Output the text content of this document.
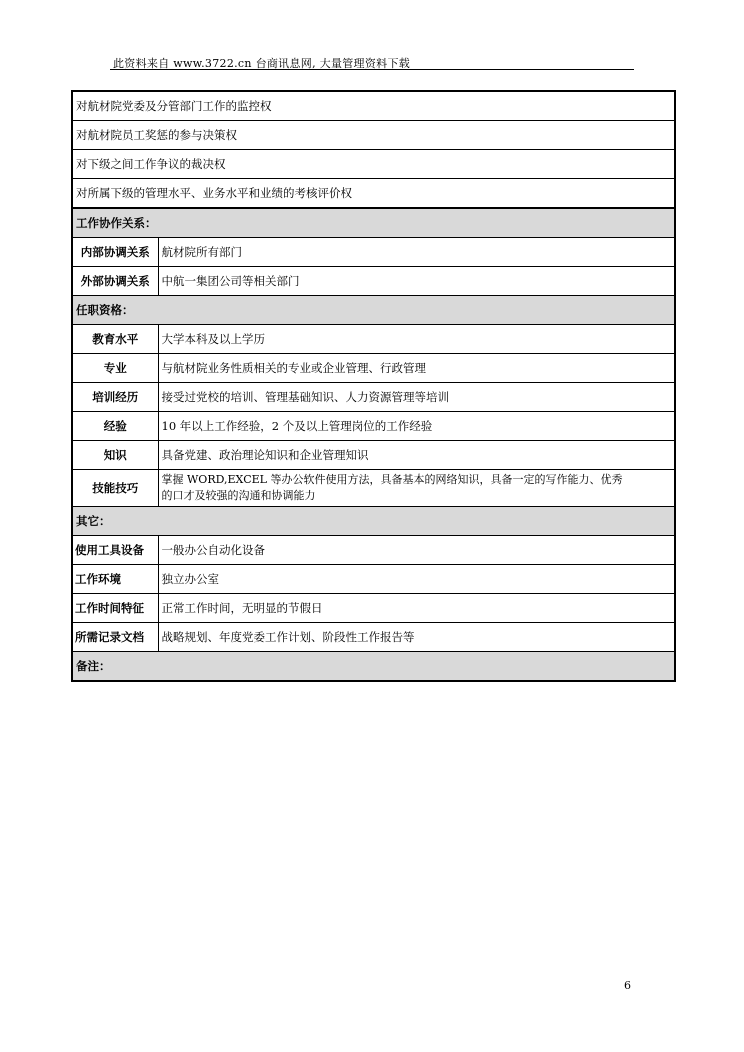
此资料来自 www.3722.cn 台商讯息网, 大量管理资料下载
对航材院党委及分管部门工作的监控权	
对航材院员工奖惩的参与决策权	
对下级之间工作争议的裁决权	
对所属下级的管理水平、业务水平和业绩的考核评价权	
工作协作关系：	
内部协调关系	航材院所有部门
外部协调关系	中航一集团公司等相关部门
任职资格：	
教育水平	大学本科及以上学历
专业	与航材院业务性质相关的专业或企业管理、行政管理
培训经历	接受过党校的培训、管理基础知识、人力资源管理等培训
经验	10 年以上工作经验，2 个及以上管理岗位的工作经验
知识	具备党建、政治理论知识和企业管理知识
技能技巧	掌握 WORD,EXCEL 等办公软件使用方法，具备基本的网络知识，具备一定的写作能力、优秀
的口才及较强的沟通和协调能力

其它：	
使用工具设备	一般办公自动化设备
工作环境	独立办公室
工作时间特征	正常工作时间，无明显的节假日
所需记录文档	战略规划、年度党委工作计划、阶段性工作报告等
备注：	
6
